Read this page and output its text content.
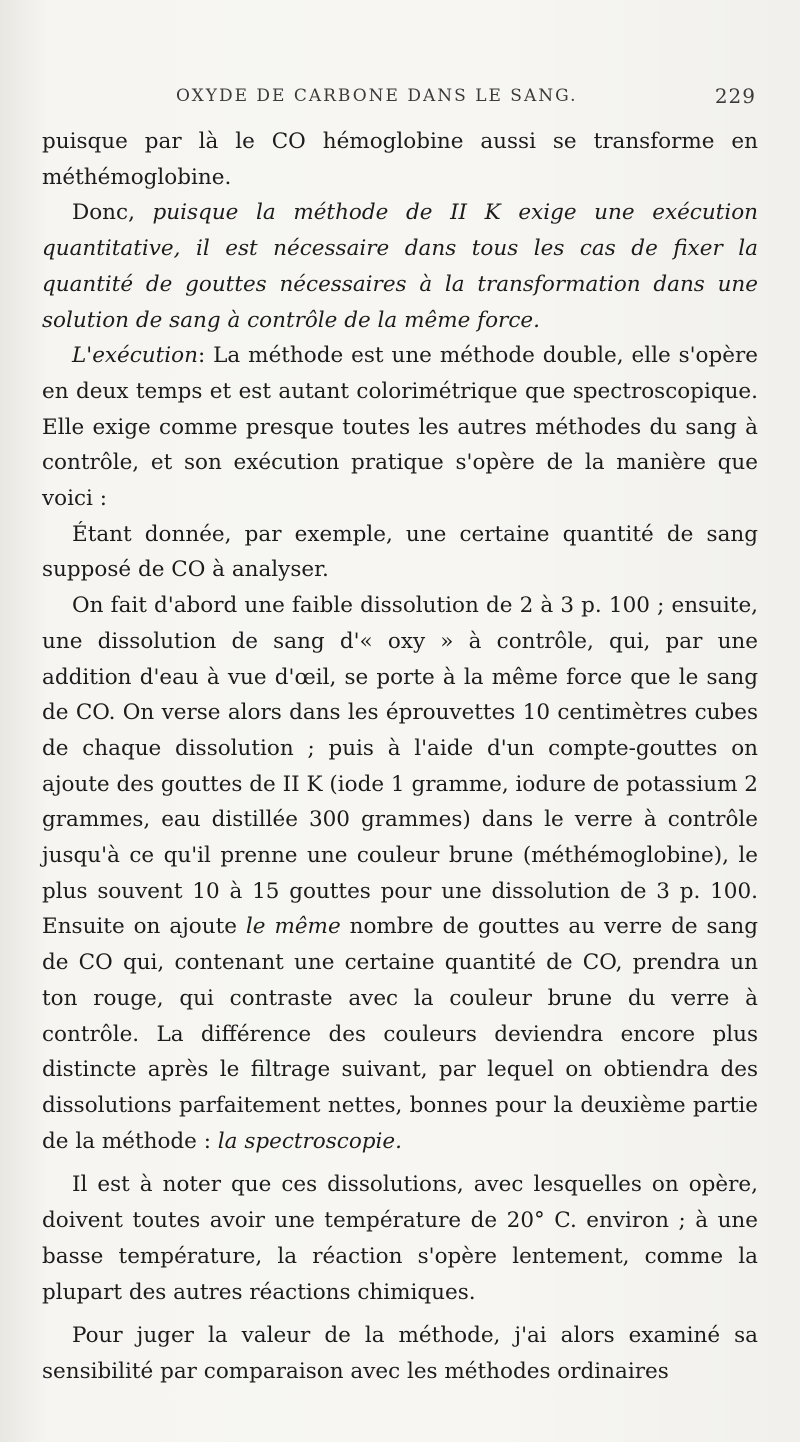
OXYDE DE CARBONE DANS LE SANG.	229

puisque par là le CO hémoglobine aussi se transforme en méthémoglobine.

Donc, puisque la méthode de II K exige une exécution quantitative, il est nécessaire dans tous les cas de fixer la quantité de gouttes nécessaires à la transformation dans une solution de sang à contrôle de la même force.

L'exécution: La méthode est une méthode double, elle s'opère en deux temps et est autant colorimétrique que spectroscopique. Elle exige comme presque toutes les autres méthodes du sang à contrôle, et son exécution pratique s'opère de la manière que voici :

Étant donnée, par exemple, une certaine quantité de sang supposé de CO à analyser.

On fait d'abord une faible dissolution de 2 à 3 p. 100 ; ensuite, une dissolution de sang d'« oxy » à contrôle, qui, par une addition d'eau à vue d'œil, se porte à la même force que le sang de CO. On verse alors dans les éprouvettes 10 centimètres cubes de chaque dissolution ; puis à l'aide d'un compte-gouttes on ajoute des gouttes de II K (iode 1 gramme, iodure de potassium 2 grammes, eau distillée 300 grammes) dans le verre à contrôle jusqu'à ce qu'il prenne une couleur brune (méthémoglobine), le plus souvent 10 à 15 gouttes pour une dissolution de 3 p. 100. Ensuite on ajoute le même nombre de gouttes au verre de sang de CO qui, contenant une certaine quantité de CO, prendra un ton rouge, qui contraste avec la couleur brune du verre à contrôle. La différence des couleurs deviendra encore plus distincte après le filtrage suivant, par lequel on obtiendra des dissolutions parfaitement nettes, bonnes pour la deuxième partie de la méthode : la spectroscopie.

Il est à noter que ces dissolutions, avec lesquelles on opère, doivent toutes avoir une température de 20° C. environ ; à une basse température, la réaction s'opère lentement, comme la plupart des autres réactions chimiques.

Pour juger la valeur de la méthode, j'ai alors examiné sa sensibilité par comparaison avec les méthodes ordinaires
